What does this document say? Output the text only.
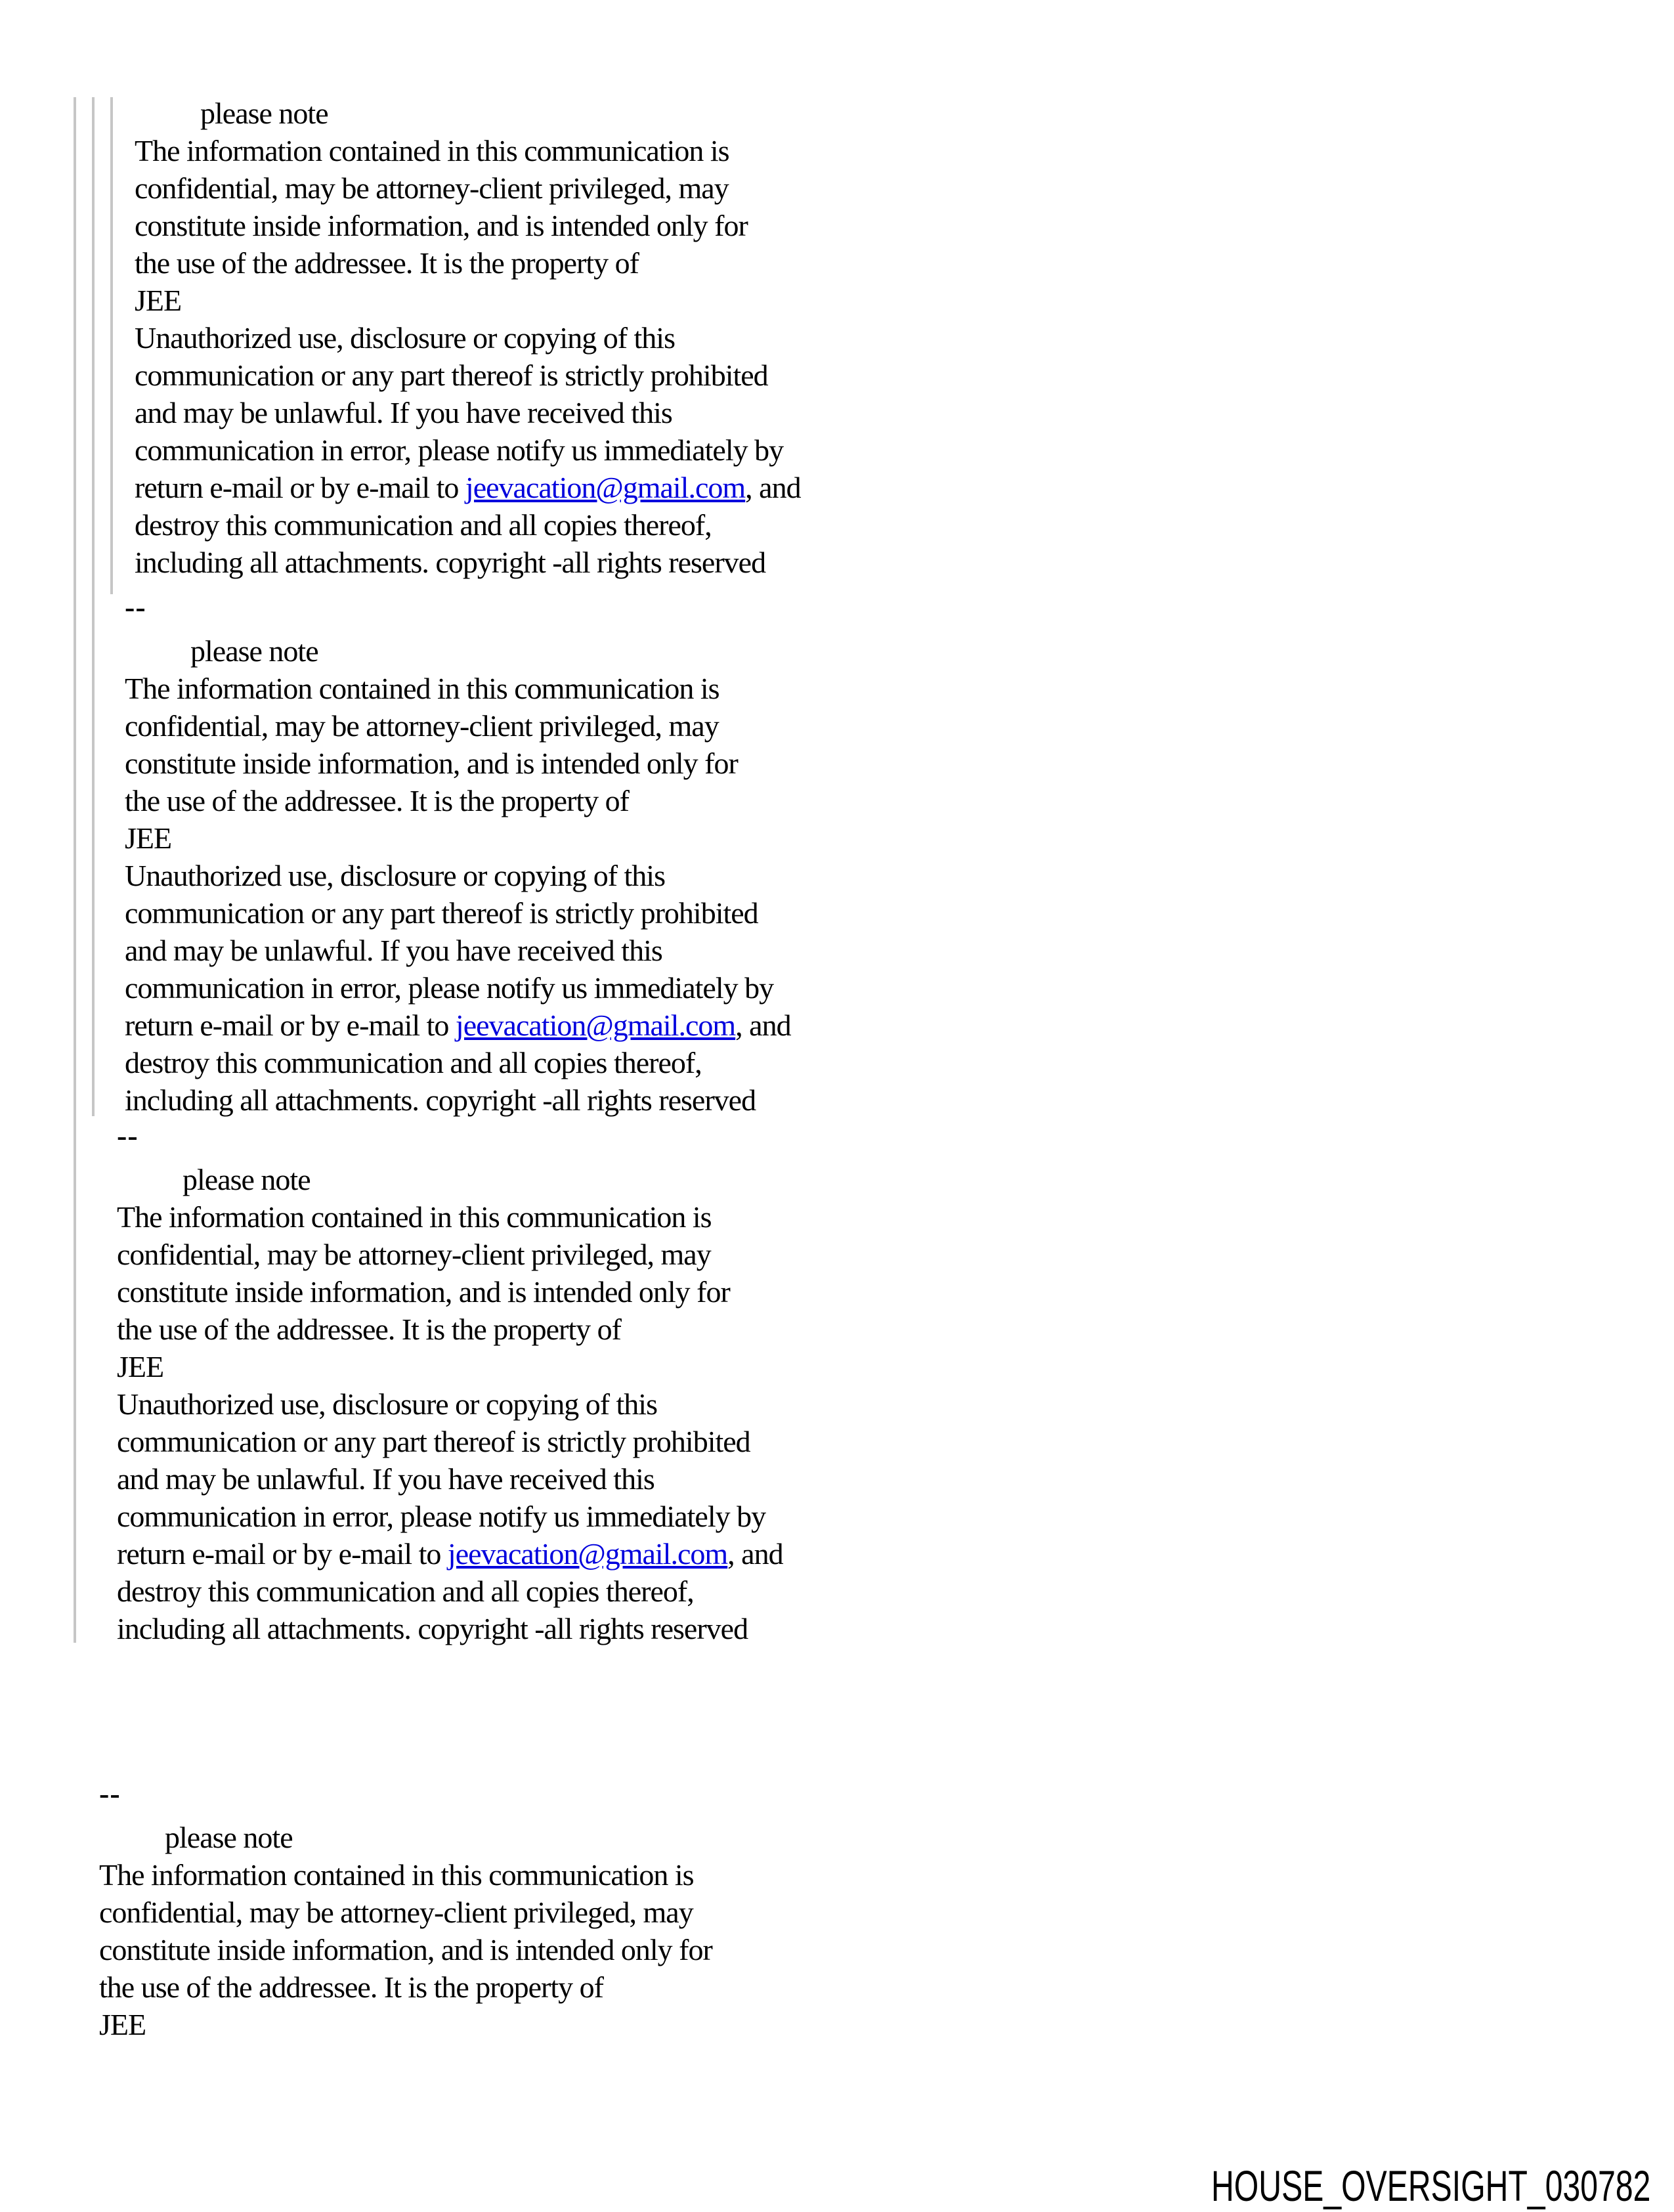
please note
The information contained in this communication is
confidential, may be attorney-client privileged, may
constitute inside information, and is intended only for
the use of the addressee. It is the property of
JEE
Unauthorized use, disclosure or copying of this
communication or any part thereof is strictly prohibited
and may be unlawful. If you have received this
communication in error, please notify us immediately by
return e-mail or by e-mail to jeevacation@gmail.com, and
destroy this communication and all copies thereof,
including all attachments. copyright -all rights reserved
--
please note
The information contained in this communication is
confidential, may be attorney-client privileged, may
constitute inside information, and is intended only for
the use of the addressee. It is the property of
JEE
Unauthorized use, disclosure or copying of this
communication or any part thereof is strictly prohibited
and may be unlawful. If you have received this
communication in error, please notify us immediately by
return e-mail or by e-mail to jeevacation@gmail.com, and
destroy this communication and all copies thereof,
including all attachments. copyright -all rights reserved
--
please note
The information contained in this communication is
confidential, may be attorney-client privileged, may
constitute inside information, and is intended only for
the use of the addressee. It is the property of
JEE
Unauthorized use, disclosure or copying of this
communication or any part thereof is strictly prohibited
and may be unlawful. If you have received this
communication in error, please notify us immediately by
return e-mail or by e-mail to jeevacation@gmail.com, and
destroy this communication and all copies thereof,
including all attachments. copyright -all rights reserved
--
please note
The information contained in this communication is
confidential, may be attorney-client privileged, may
constitute inside information, and is intended only for
the use of the addressee. It is the property of
JEE
HOUSE_OVERSIGHT_030782
